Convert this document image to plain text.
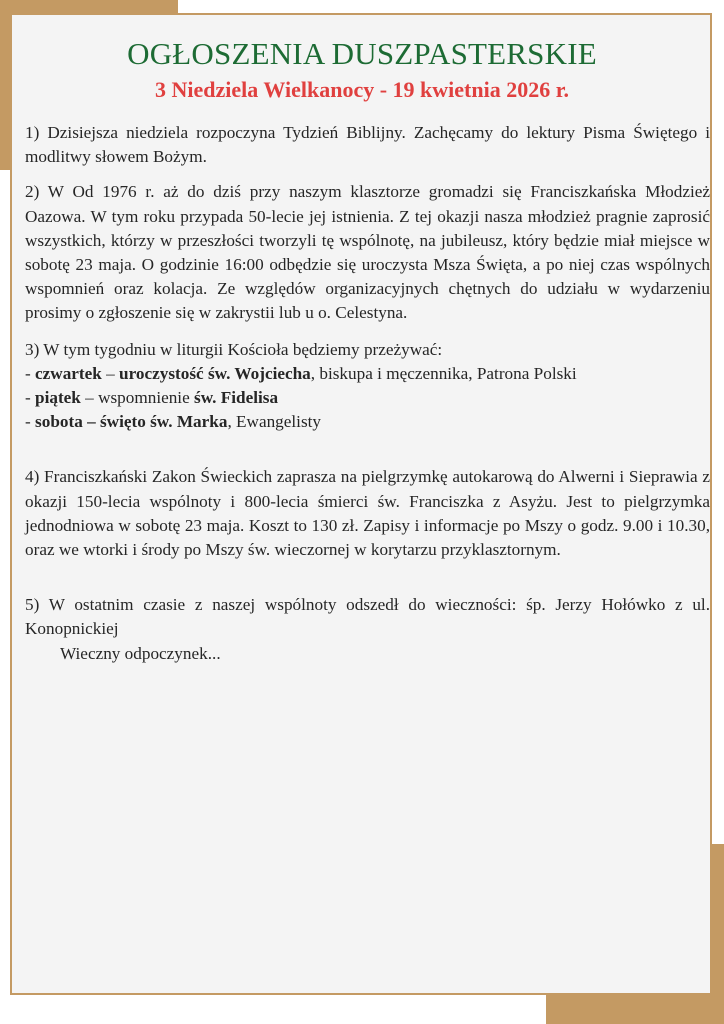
OGŁOSZENIA DUSZPASTERSKIE
3 Niedziela Wielkanocy - 19 kwietnia 2026 r.

1) Dzisiejsza niedziela rozpoczyna Tydzień Biblijny. Zachęcamy do lektury Pisma Świętego i modlitwy słowem Bożym.

2) W Od 1976 r. aż do dziś przy naszym klasztorze gromadzi się Franciszkańska Młodzież Oazowa. W tym roku przypada 50-lecie jej istnienia. Z tej okazji nasza młodzież pragnie zaprosić wszystkich, którzy w przeszłości tworzyli tę wspólnotę, na jubileusz, który będzie miał miejsce w sobotę 23 maja. O godzinie 16:00 odbędzie się uroczysta Msza Święta, a po niej czas wspólnych wspomnień oraz kolacja. Ze względów organizacyjnych chętnych do udziału w wydarzeniu prosimy o zgłoszenie się w zakrystii lub u o. Celestyna.

3) W tym tygodniu w liturgii Kościoła będziemy przeżywać:
- czwartek – uroczystość św. Wojciecha, biskupa i męczennika, Patrona Polski
- piątek – wspomnienie św. Fidelisa
- sobota – święto św. Marka, Ewangelisty

4) Franciszkański Zakon Świeckich zaprasza na pielgrzymkę autokarową do Alwerni i Sieprawia z okazji 150-lecia wspólnoty i 800-lecia śmierci św. Franciszka z Asyżu. Jest to pielgrzymka jednodniowa w sobotę 23 maja. Koszt to 130 zł. Zapisy i informacje po Mszy o godz. 9.00 i 10.30, oraz we wtorki i środy po Mszy św. wieczornej w korytarzu przyklasztornym.

5) W ostatnim czasie z naszej wspólnoty odszedł do wieczności: śp. Jerzy Hołówko z ul. Konopnickiej

Wieczny odpoczynek...
